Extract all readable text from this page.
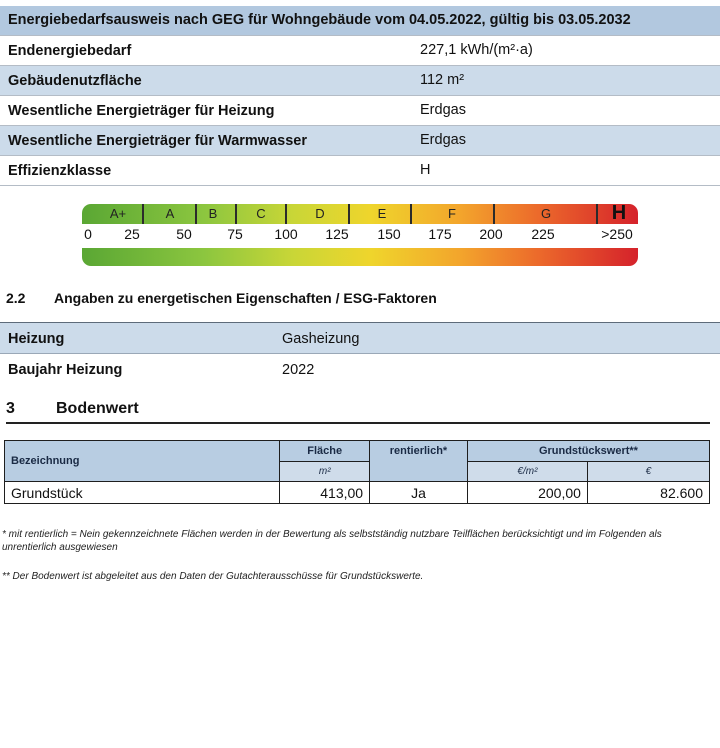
Energiebedarfsausweis nach GEG für Wohngebäude vom 04.05.2022, gültig bis 03.05.2032
Endenergiebedarf	227,1 kWh/(m²·a)
Gebäudenutzfläche	112 m²
Wesentliche Energieträger für Heizung	Erdgas
Wesentliche Energieträger für Warmwasser	Erdgas
Effizienzklasse	H
A+	A	B	C	D	E	F	G	H
0 25	50	75 100 125 150 175 200 225	>250
2.2 Angaben zu energetischen Eigenschaften / ESG-Faktoren
Heizung	Gasheizung
Baujahr Heizung	2022
3	Bodenwert
Bezeichnung	Fläche	rentierlich*	Grundstückswert**	
	m²		€/m²	€
Grundstück	413,00	Ja	200,00	82.600
* mit rentierlich = Nein gekennzeichnete Flächen werden in der Bewertung als selbstständig nutzbare Teilflächen berücksichtigt und im Folgenden als unrentierlich ausgewiesen
** Der Bodenwert ist abgeleitet aus den Daten der Gutachterausschüsse für Grundstückswerte.
